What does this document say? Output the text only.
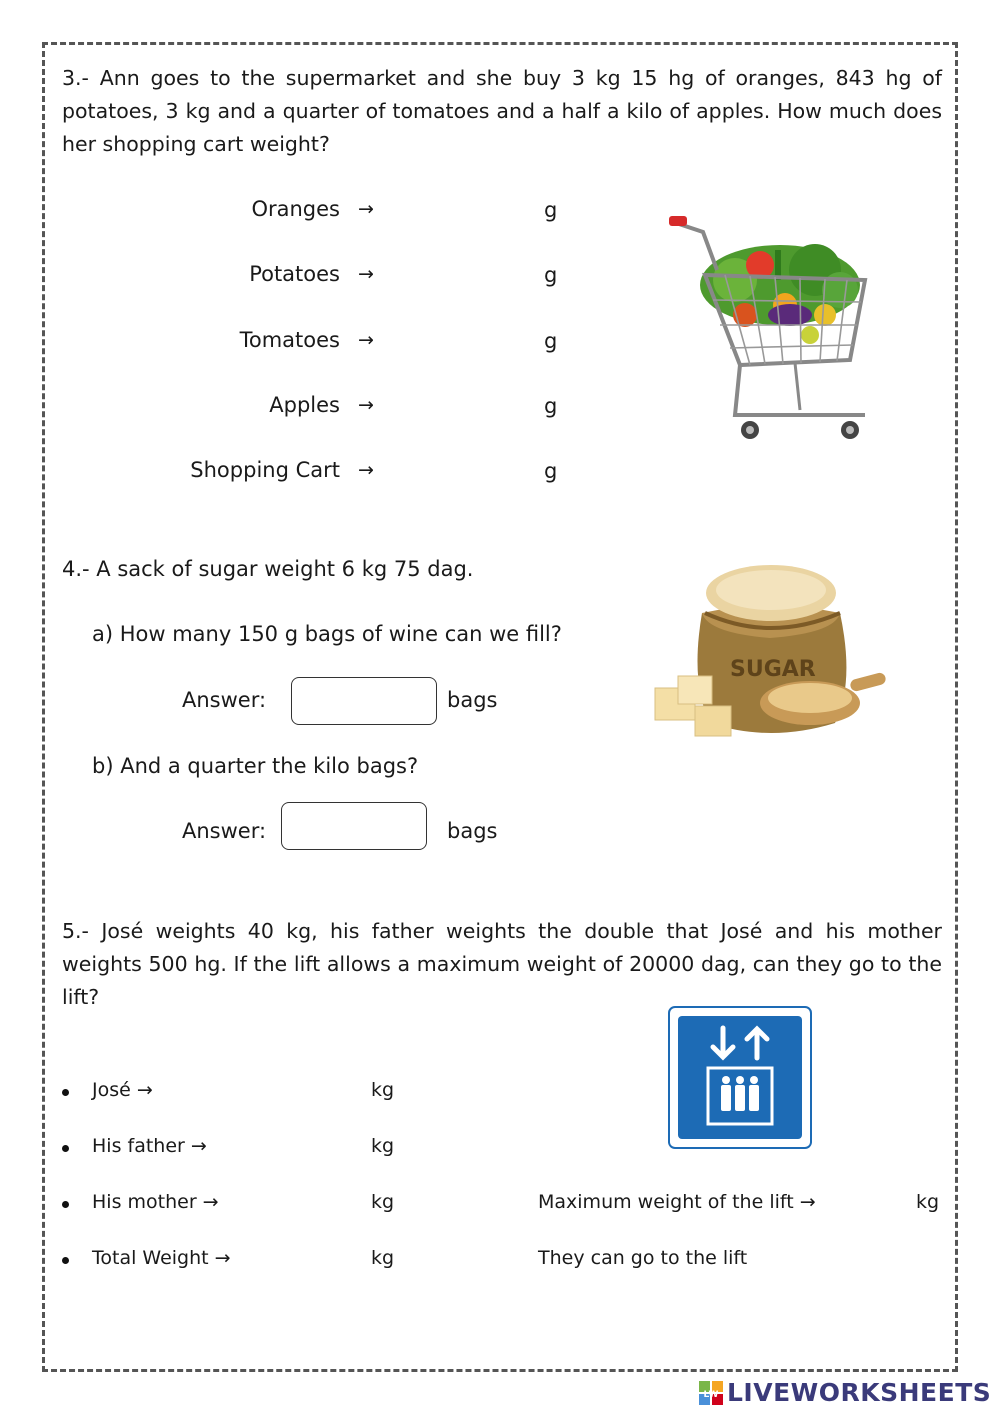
3.- Ann goes to the supermarket and she buy 3 kg 15 hg of oranges, 843 hg of potatoes, 3 kg and a quarter of tomatoes and a half a kilo of apples. How much does her shopping cart weight?
Oranges →	g
Potatoes →	g
Tomatoes →	g
Apples →	g
Shopping Cart →	g
4.- A sack of sugar weight 6 kg 75 dag.
a) How many 150 g bags of wine can we fill?
Answer:	bags
b) And a quarter the kilo bags?
Answer:	bags
SUGAR
5.- José weights 40 kg, his father weights the double that José and his mother weights 500 hg. If the lift allows a maximum weight of 20000 dag, can they go to the lift?
José →	kg
His father →	kg
His mother →	kg
Total Weight →	kg
Maximum weight of the lift →	kg
They can go to the lift
LW LIVEWORKSHEETS
